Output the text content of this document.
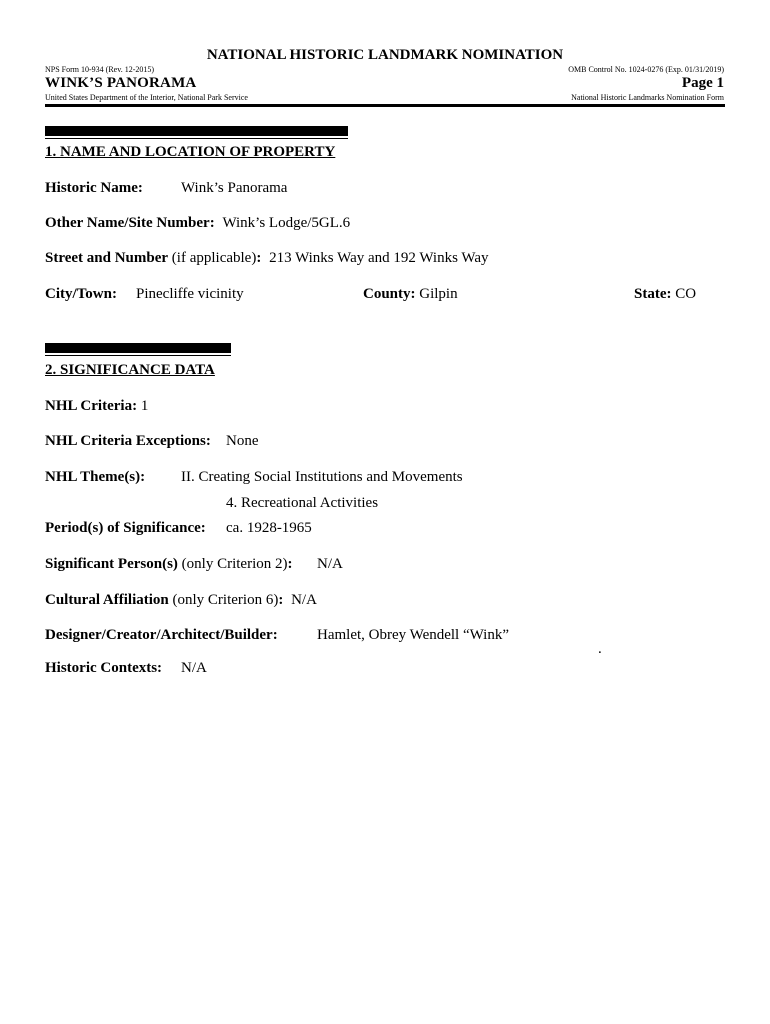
NATIONAL HISTORIC LANDMARK NOMINATION
NPS Form 10-934 (Rev. 12-2015)	OMB Control No. 1024-0276 (Exp. 01/31/2019)
WINK’S PANORAMA	Page 1
United States Department of the Interior, National Park Service	National Historic Landmarks Nomination Form
1. NAME AND LOCATION OF PROPERTY
Historic Name:	Wink’s Panorama
Other Name/Site Number: Wink’s Lodge/5GL.6
Street and Number (if applicable): 213 Winks Way and 192 Winks Way
City/Town: Pinecliffe vicinity	County: Gilpin	State: CO
2. SIGNIFICANCE DATA
NHL Criteria: 1
NHL Criteria Exceptions: None
NHL Theme(s): II. Creating Social Institutions and Movements
4. Recreational Activities
Period(s) of Significance: ca. 1928-1965
Significant Person(s) (only Criterion 2): N/A
Cultural Affiliation (only Criterion 6): N/A
Designer/Creator/Architect/Builder:	Hamlet, Obrey Wendell “Wink”
.
Historic Contexts: N/A
